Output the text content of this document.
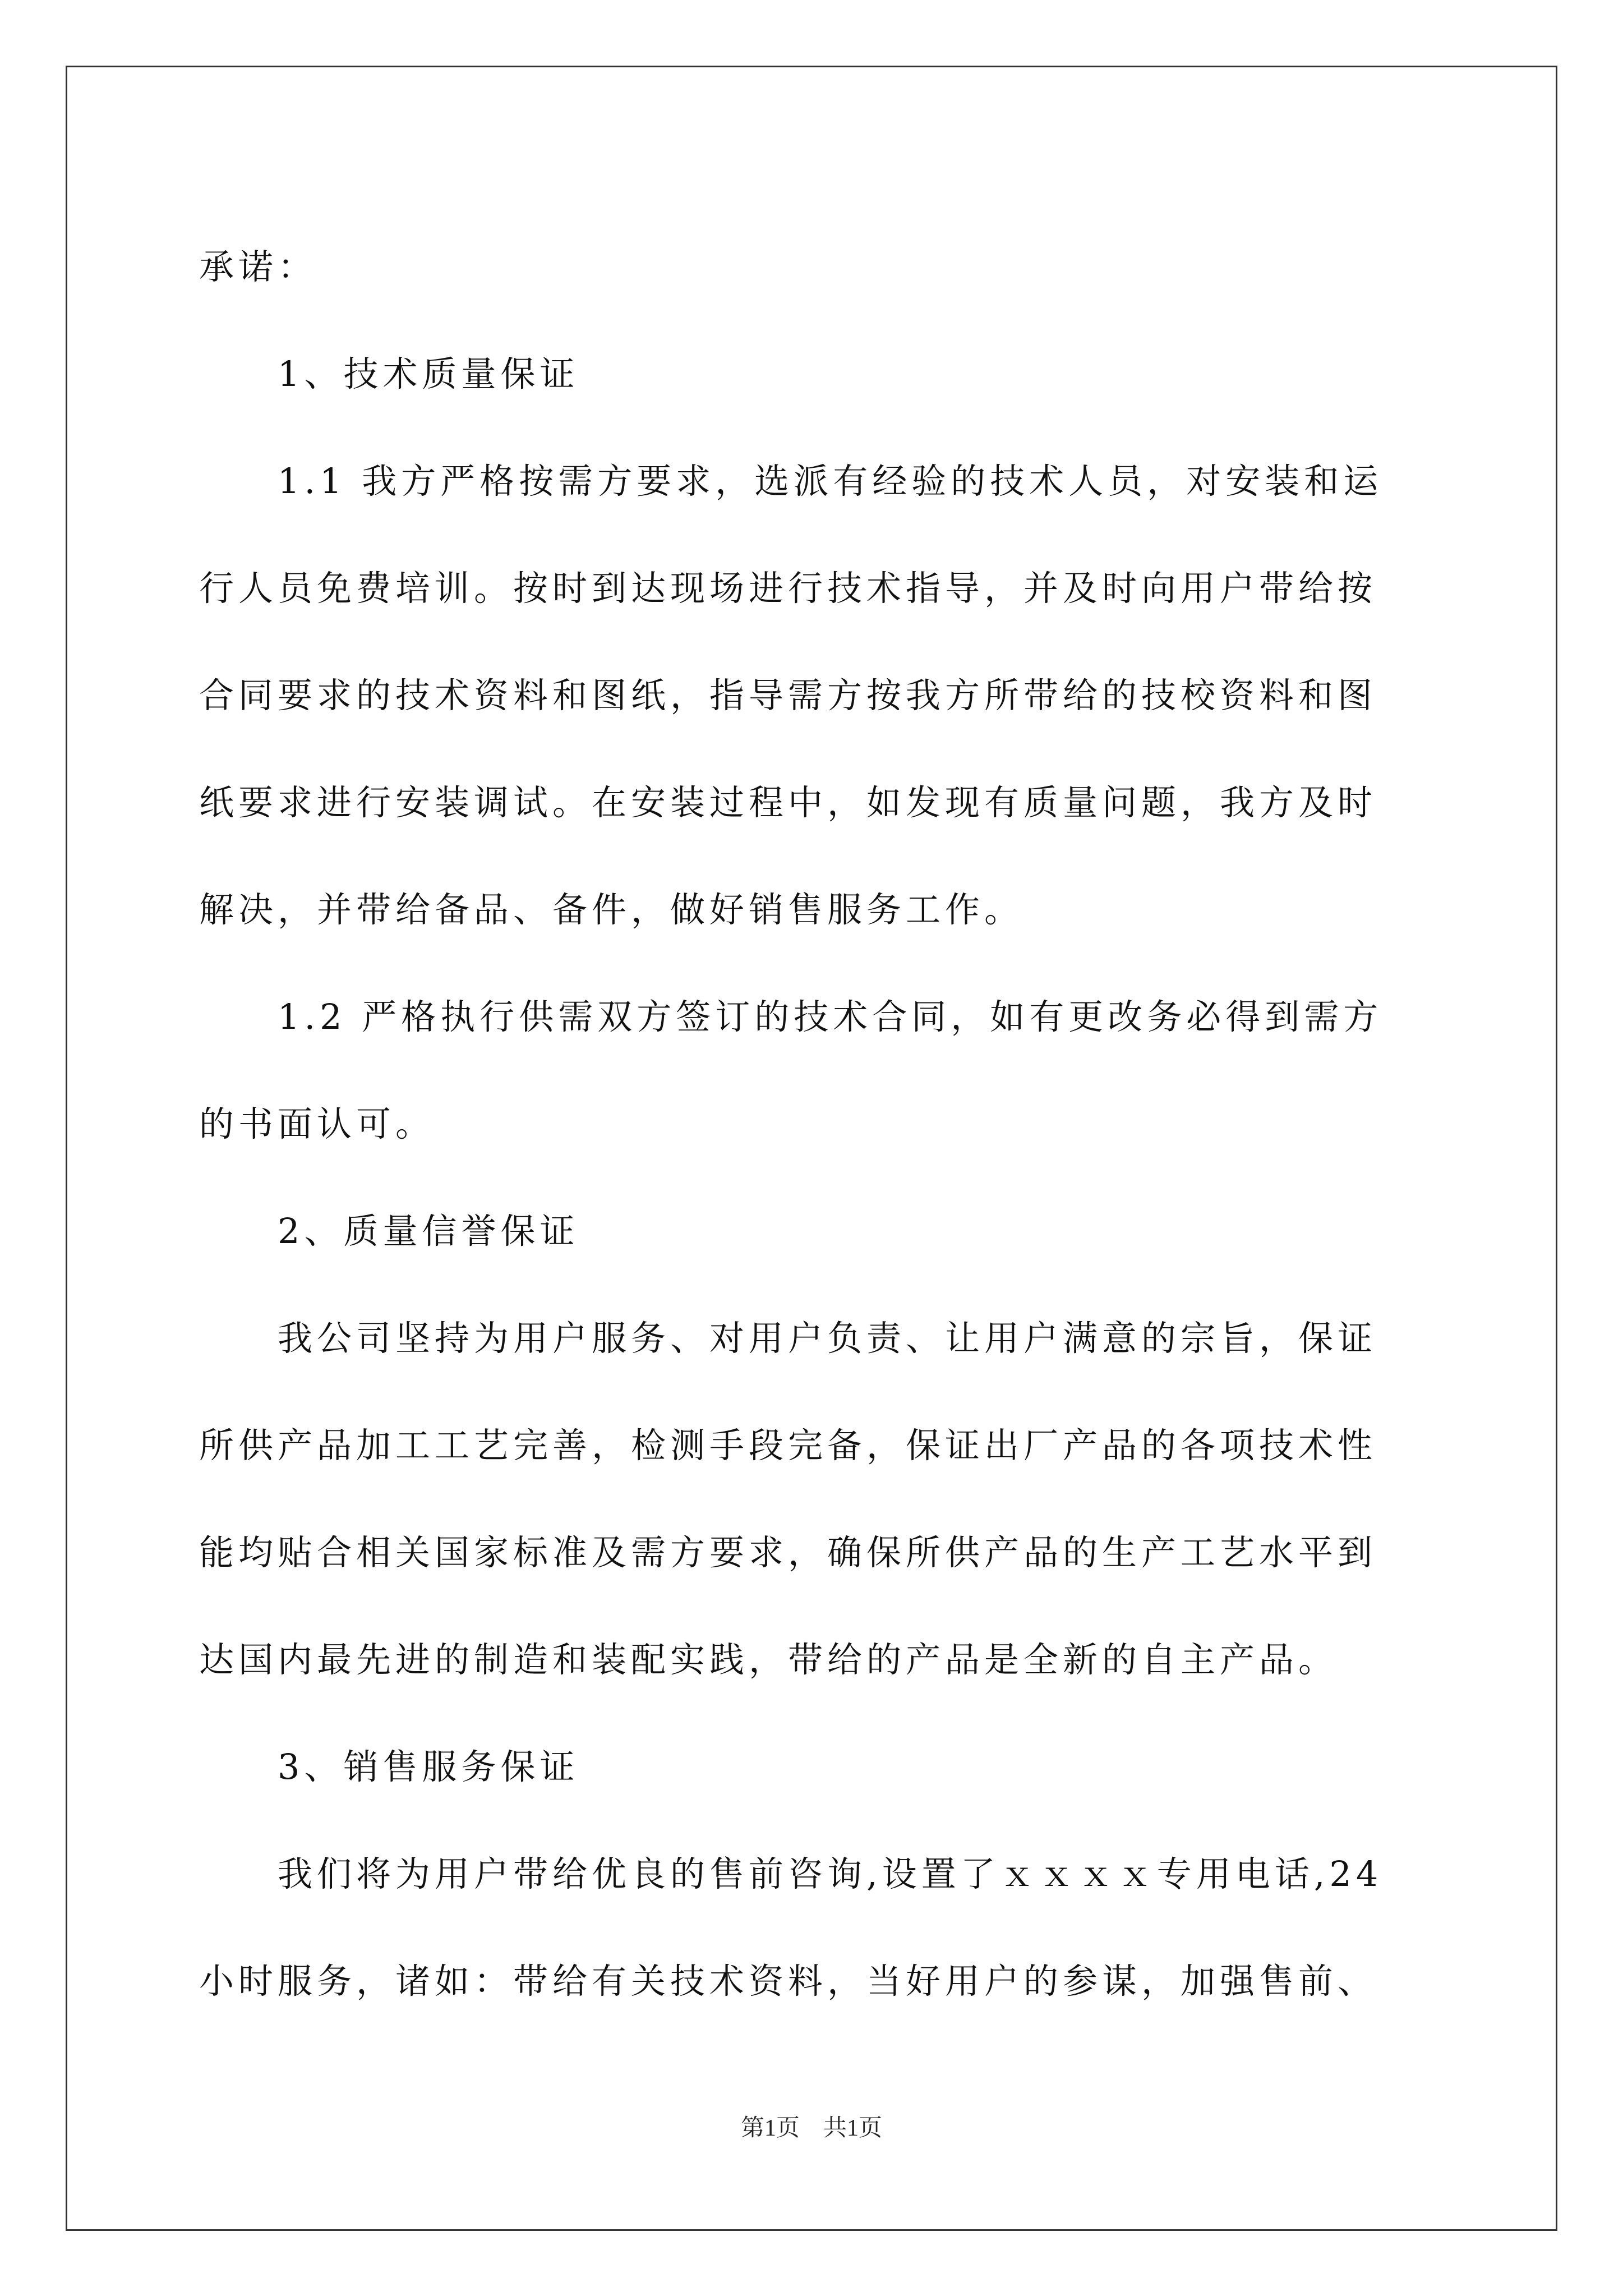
承诺：
1、技术质量保证
1.1 我方严格按需方要求，选派有经验的技术人员，对安装和运
行人员免费培训。按时到达现场进行技术指导，并及时向用户带给按
合同要求的技术资料和图纸，指导需方按我方所带给的技校资料和图
纸要求进行安装调试。在安装过程中，如发现有质量问题，我方及时
解决，并带给备品、备件，做好销售服务工作。
1.2 严格执行供需双方签订的技术合同，如有更改务必得到需方
的书面认可。
2、质量信誉保证
我公司坚持为用户服务、对用户负责、让用户满意的宗旨，保证
所供产品加工工艺完善，检测手段完备，保证出厂产品的各项技术性
能均贴合相关国家标准及需方要求，确保所供产品的生产工艺水平到
达国内最先进的制造和装配实践，带给的产品是全新的自主产品。
3、销售服务保证
我们将为用户带给优良的售前咨询,设置了ｘｘｘｘ专用电话,24
小时服务，诸如：带给有关技术资料，当好用户的参谋，加强售前、
第1页　共1页
